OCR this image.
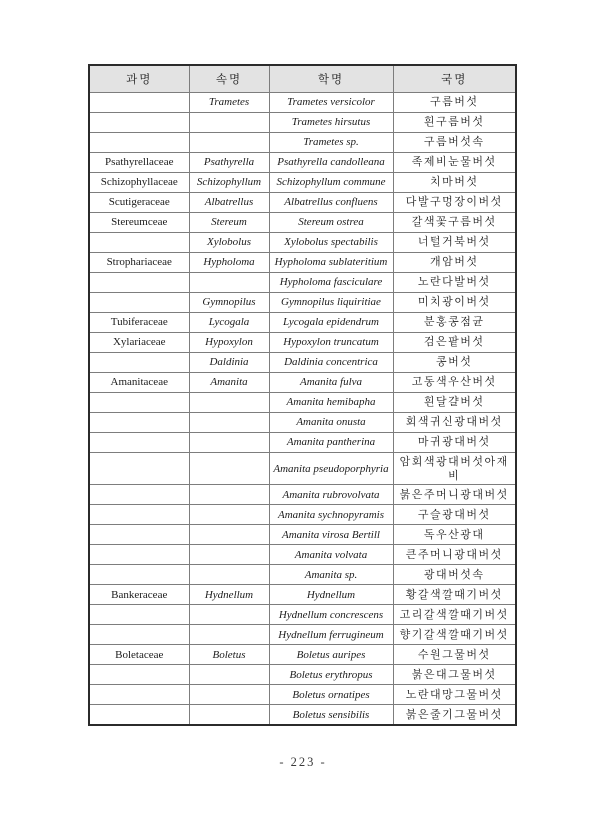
과명	속명	학명	국명
	Trametes	Trametes versicolor	구름버섯
		Trametes hirsutus	흰구름버섯
		Trametes sp.	구름버섯속
Psathyrellaceae	Psathyrella	Psathyrella candolleana	족제비눈물버섯
Schizophyllaceae	Schizophyllum	Schizophyllum commune	치마버섯
Scutigeraceae	Albatrellus	Albatrellus confluens	다발구멍장이버섯
Stereumceae	Stereum	Stereum ostrea	갈색꽃구름버섯
	Xylobolus	Xylobolus spectabilis	너털거북버섯
Strophariaceae	Hypholoma	Hypholoma sublateritium	개암버섯
		Hypholoma fasciculare	노란다발버섯
	Gymnopilus	Gymnopilus liquiritiae	미치광이버섯
Tubiferaceae	Lycogala	Lycogala epidendrum	분홍콩점균
Xylariaceae	Hypoxylon	Hypoxylon truncatum	검은팥버섯
	Daldinia	Daldinia concentrica	콩버섯
Amanitaceae	Amanita	Amanita fulva	고동색우산버섯
		Amanita hemibapha	흰달걀버섯
		Amanita onusta	회색귀신광대버섯
		Amanita pantherina	마귀광대버섯
		Amanita pseudoporphyria	암회색광대버섯아재비
		Amanita rubrovolvata	붉은주머니광대버섯
		Amanita sychnopyramis	구슬광대버섯
		Amanita virosa Bertill	독우산광대
		Amanita volvata	큰주머니광대버섯
		Amanita sp.	광대버섯속
Bankeraceae	Hydnellum	Hydnellum	황갈색깔때기버섯
		Hydnellum concrescens	고리갈색깔때기버섯
		Hydnellum ferrugineum	향기갈색깔때기버섯
Boletaceae	Boletus	Boletus auripes	수원그물버섯
		Boletus erythropus	붉은대그물버섯
		Boletus ornatipes	노란대망그물버섯
		Boletus sensibilis	붉은줄기그물버섯
- 223 -
